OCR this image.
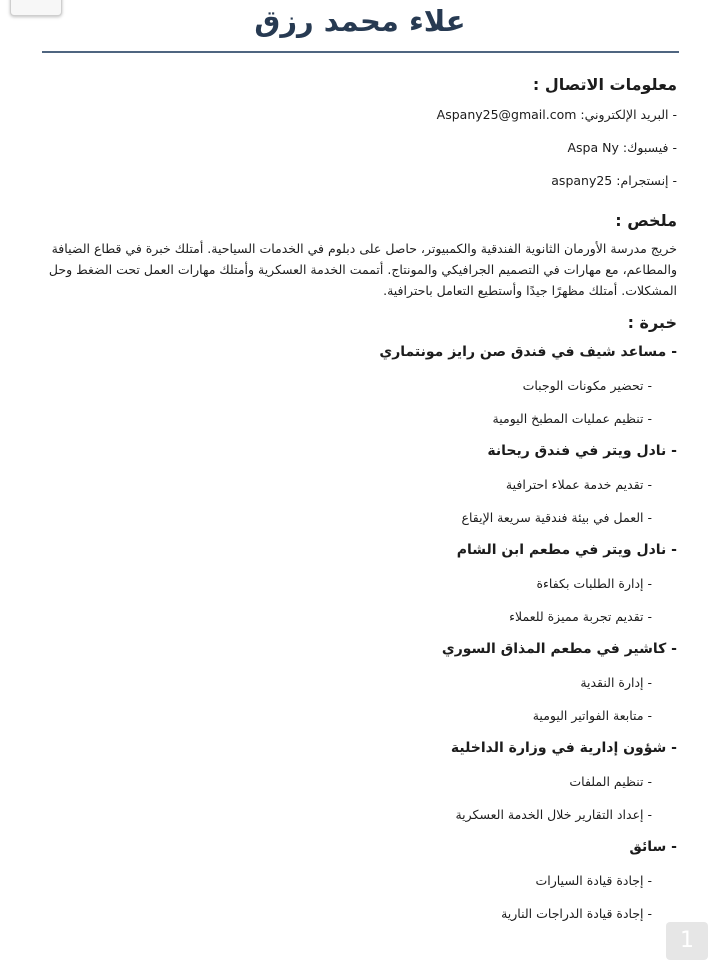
علاء محمد رزق
معلومات الاتصال :
- البريد الإلكتروني: Aspany25@gmail.com
- فيسبوك: Aspa Ny
- إنستجرام: aspany25
ملخص :
خريج مدرسة الأورمان الثانوية الفندقية والكمبيوتر، حاصل على دبلوم في الخدمات السياحية. أمتلك خبرة في قطاع الضيافة والمطاعم، مع مهارات في التصميم الجرافيكي والمونتاج. أتممت الخدمة العسكرية وأمتلك مهارات العمل تحت الضغط وحل المشكلات. أمتلك مظهرًا جيدًا وأستطيع التعامل باحترافية.
خبرة :
- مساعد شيف في فندق صن رايز مونتماري
- تحضير مكونات الوجبات
- تنظيم عمليات المطبخ اليومية
- نادل ويتر في فندق ريحانة
- تقديم خدمة عملاء احترافية
- العمل في بيئة فندقية سريعة الإيقاع
- نادل ويتر في مطعم ابن الشام
- إدارة الطلبات بكفاءة
- تقديم تجربة مميزة للعملاء
- كاشير في مطعم المذاق السوري
- إدارة النقدية
- متابعة الفواتير اليومية
- شؤون إدارية في وزارة الداخلية
- تنظيم الملفات
- إعداد التقارير خلال الخدمة العسكرية
- سائق
- إجادة قيادة السيارات
- إجادة قيادة الدراجات النارية
1
